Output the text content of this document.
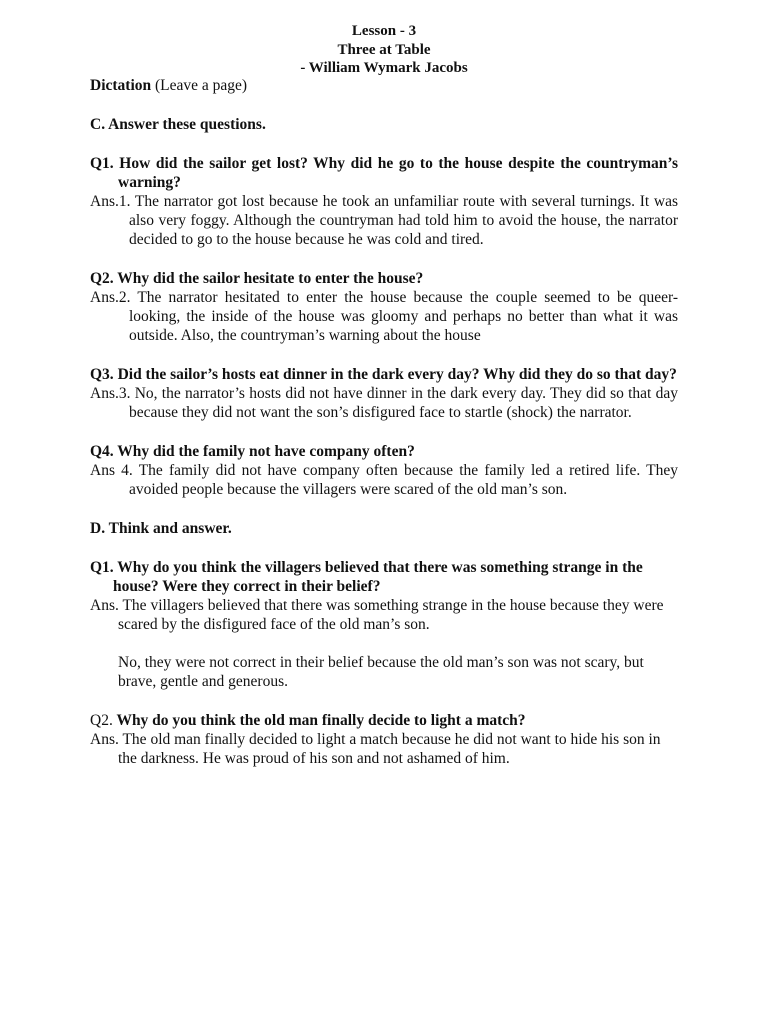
Lesson - 3
Three at Table
- William Wymark Jacobs
Dictation (Leave a page)
C. Answer these questions.
Q1. How did the sailor get lost? Why did he go to the house despite the countryman’s warning?
Ans.1. The narrator got lost because he took an unfamiliar route with several turnings. It was also very foggy. Although the countryman had told him to avoid the house, the narrator decided to go to the house because he was cold and tired.
Q2. Why did the sailor hesitate to enter the house?
Ans.2. The narrator hesitated to enter the house because the couple seemed to be queer-looking, the inside of the house was gloomy and perhaps no better than what it was outside. Also, the countryman’s warning about the house
Q3. Did the sailor’s hosts eat dinner in the dark every day? Why did they do so that day?
Ans.3. No, the narrator’s hosts did not have dinner in the dark every day. They did so that day because they did not want the son’s disfigured face to startle (shock) the narrator.
Q4. Why did the family not have company often?
Ans 4. The family did not have company often because the family led a retired life. They avoided people because the villagers were scared of the old man’s son.
D. Think and answer.
Q1. Why do you think the villagers believed that there was something strange in the house? Were they correct in their belief?
Ans. The villagers believed that there was something strange in the house because they were scared by the disfigured face of the old man’s son.
No, they were not correct in their belief because the old man’s son was not scary, but brave, gentle and generous.
Q2. Why do you think the old man finally decide to light a match?
Ans. The old man finally decided to light a match because he did not want to hide his son in the darkness. He was proud of his son and not ashamed of him.
